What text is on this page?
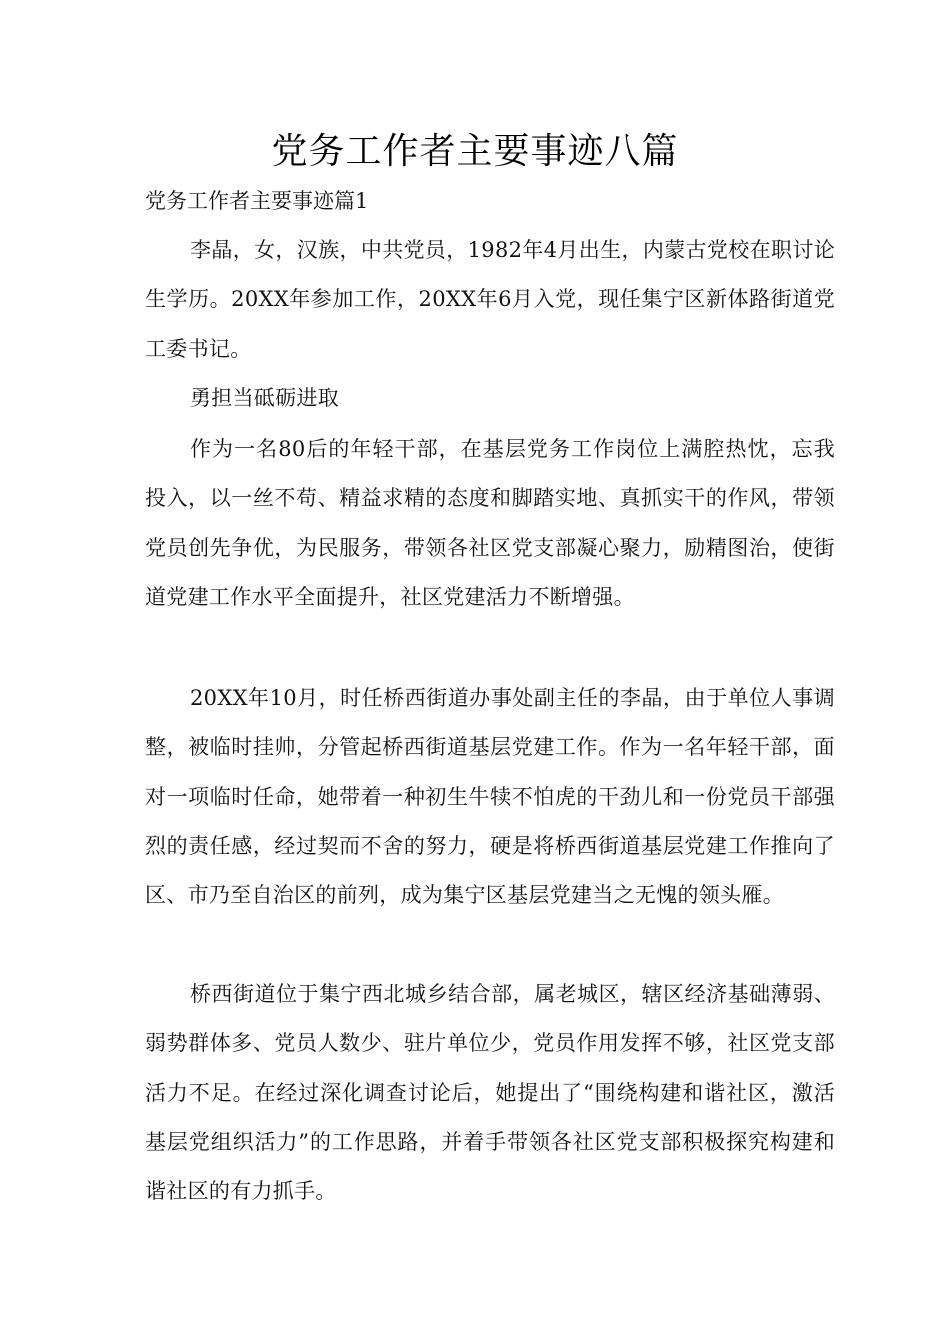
党务工作者主要事迹八篇
党务工作者主要事迹篇1

李晶，女，汉族，中共党员，1982年4月出生，内蒙古党校在职讨论生学历。20XX年参加工作，20XX年6月入党，现任集宁区新体路街道党工委书记。

勇担当砥砺进取

作为一名80后的年轻干部，在基层党务工作岗位上满腔热忱，忘我投入，以一丝不苟、精益求精的态度和脚踏实地、真抓实干的作风，带领党员创先争优，为民服务，带领各社区党支部凝心聚力，励精图治，使街道党建工作水平全面提升，社区党建活力不断增强。

20XX年10月，时任桥西街道办事处副主任的李晶，由于单位人事调整，被临时挂帅，分管起桥西街道基层党建工作。作为一名年轻干部，面对一项临时任命，她带着一种初生牛犊不怕虎的干劲儿和一份党员干部强烈的责任感，经过契而不舍的努力，硬是将桥西街道基层党建工作推向了区、市乃至自治区的前列，成为集宁区基层党建当之无愧的领头雁。

桥西街道位于集宁西北城乡结合部，属老城区，辖区经济基础薄弱、弱势群体多、党员人数少、驻片单位少，党员作用发挥不够，社区党支部活力不足。在经过深化调查讨论后，她提出了“围绕构建和谐社区，激活基层党组织活力”的工作思路，并着手带领各社区党支部积极探究构建和谐社区的有力抓手。
